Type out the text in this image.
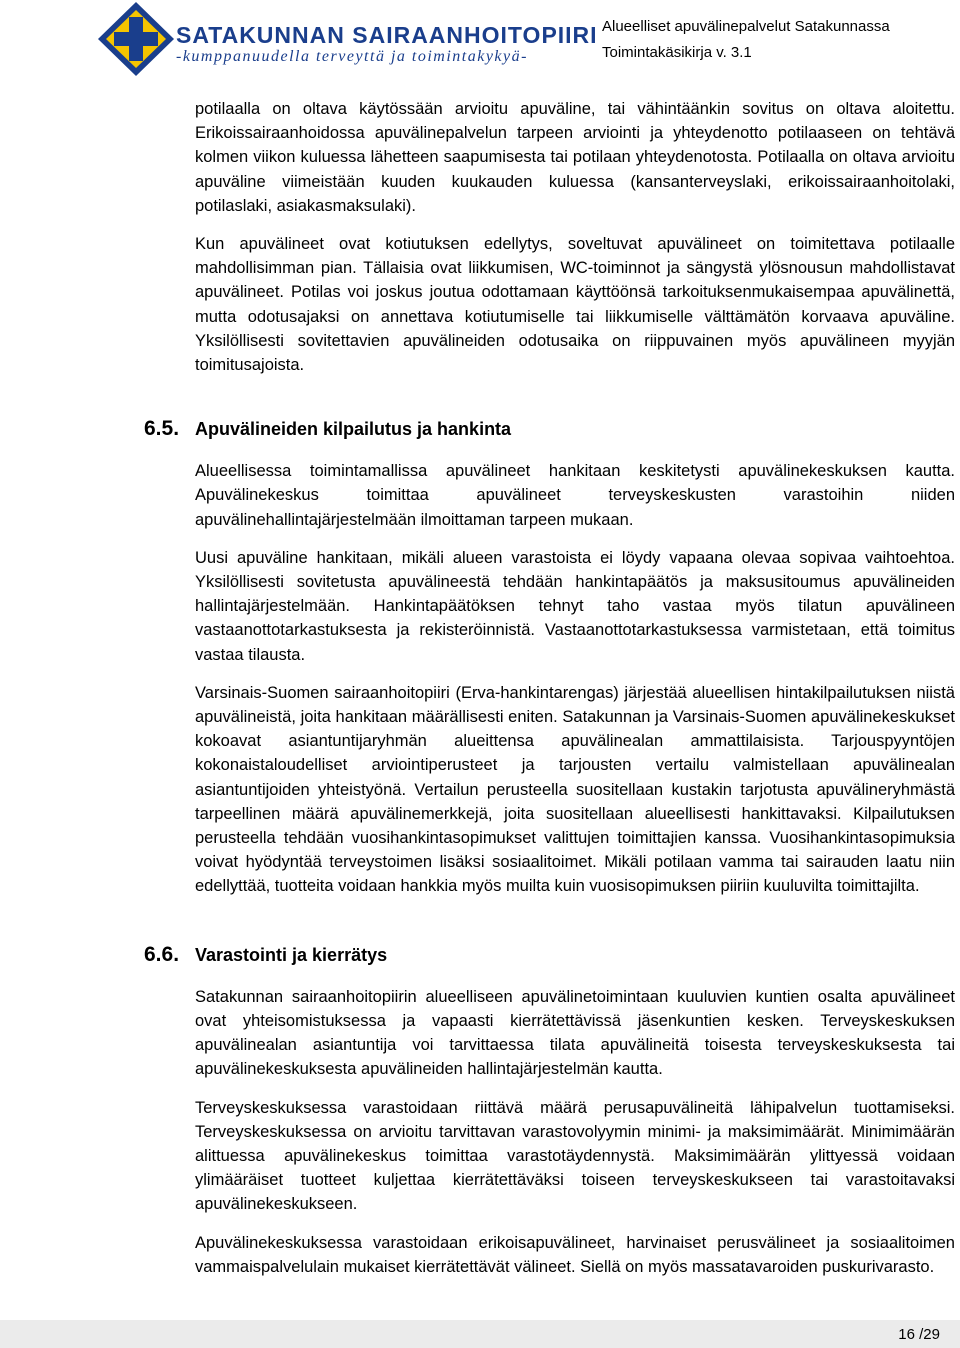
SATAKUNNAN SAIRAANHOITOPIIRI
-kumppanuudella terveyttä ja toimintakykyä-
Alueelliset apuvälinepalvelut Satakunnassa
Toimintakäsikirja v. 3.1

potilaalla on oltava käytössään arvioitu apuväline, tai vähintäänkin sovitus on oltava aloitettu. Erikoissairaanhoidossa apuvälinepalvelun tarpeen arviointi ja yhteydenotto potilaaseen on tehtävä kolmen viikon kuluessa lähetteen saapumisesta tai potilaan yhteydenotosta. Potilaalla on oltava arvioitu apuväline viimeistään kuuden kuukauden kuluessa (kansanterveyslaki, erikoissairaanhoitolaki, potilaslaki, asiakasmaksulaki).

Kun apuvälineet ovat kotiutuksen edellytys, soveltuvat apuvälineet on toimitettava potilaalle mahdollisimman pian. Tällaisia ovat liikkumisen, WC-toiminnot ja sängystä ylösnousun mahdollistavat apuvälineet. Potilas voi joskus joutua odottamaan käyttöönsä tarkoituksenmukaisempaa apuvälinettä, mutta odotusajaksi on annettava kotiutumiselle tai liikkumiselle välttämätön korvaava apuväline. Yksilöllisesti sovitettavien apuvälineiden odotusaika on riippuvainen myös apuvälineen myyjän toimitusajoista.

6.5. Apuvälineiden kilpailutus ja hankinta

Alueellisessa toimintamallissa apuvälineet hankitaan keskitetysti apuvälinekeskuksen kautta. Apuvälinekeskus toimittaa apuvälineet terveyskeskusten varastoihin niiden apuvälinehallintajärjestelmään ilmoittaman tarpeen mukaan.

Uusi apuväline hankitaan, mikäli alueen varastoista ei löydy vapaana olevaa sopivaa vaihtoehtoa. Yksilöllisesti sovitetusta apuvälineestä tehdään hankintapäätös ja maksusitoumus apuvälineiden hallintajärjestelmään. Hankintapäätöksen tehnyt taho vastaa myös tilatun apuvälineen vastaanottotarkastuksesta ja rekisteröinnistä. Vastaanottotarkastuksessa varmistetaan, että toimitus vastaa tilausta.

Varsinais-Suomen sairaanhoitopiiri (Erva-hankintarengas) järjestää alueellisen hintakilpailutuksen niistä apuvälineistä, joita hankitaan määrällisesti eniten. Satakunnan ja Varsinais-Suomen apuvälinekeskukset kokoavat asiantuntijaryhmän alueittensa apuvälinealan ammattilaisista. Tarjouspyyntöjen kokonaistaloudelliset arviointiperusteet ja tarjousten vertailu valmistellaan apuvälinealan asiantuntijoiden yhteistyönä. Vertailun perusteella suositellaan kustakin tarjotusta apuvälineryhmästä tarpeellinen määrä apuvälinemerkkejä, joita suositellaan alueellisesti hankittavaksi. Kilpailutuksen perusteella tehdään vuosihankintasopimukset valittujen toimittajien kanssa. Vuosihankintasopimuksia voivat hyödyntää terveystoimen lisäksi sosiaalitoimet. Mikäli potilaan vamma tai sairauden laatu niin edellyttää, tuotteita voidaan hankkia myös muilta kuin vuosisopimuksen piiriin kuuluvilta toimittajilta.

6.6. Varastointi ja kierrätys

Satakunnan sairaanhoitopiirin alueelliseen apuvälinetoimintaan kuuluvien kuntien osalta apuvälineet ovat yhteisomistuksessa ja vapaasti kierrätettävissä jäsenkuntien kesken. Terveyskeskuksen apuvälinealan asiantuntija voi tarvittaessa tilata apuvälineitä toisesta terveyskeskuksesta tai apuvälinekeskuksesta apuvälineiden hallintajärjestelmän kautta.

Terveyskeskuksessa varastoidaan riittävä määrä perusapuvälineitä lähipalvelun tuottamiseksi. Terveyskeskuksessa on arvioitu tarvittavan varastovolyymin minimi- ja maksimimäärät. Minimimäärän alittuessa apuvälinekeskus toimittaa varastotäydennystä. Maksimimäärän ylittyessä voidaan ylimääräiset tuotteet kuljettaa kierrätettäväksi toiseen terveyskeskukseen tai varastoitavaksi apuvälinekeskukseen.

Apuvälinekeskuksessa varastoidaan erikoisapuvälineet, harvinaiset perusvälineet ja sosiaalitoimen vammaispalvelulain mukaiset kierrätettävät välineet. Siellä on myös massatavaroiden puskurivarasto.

16 /29
